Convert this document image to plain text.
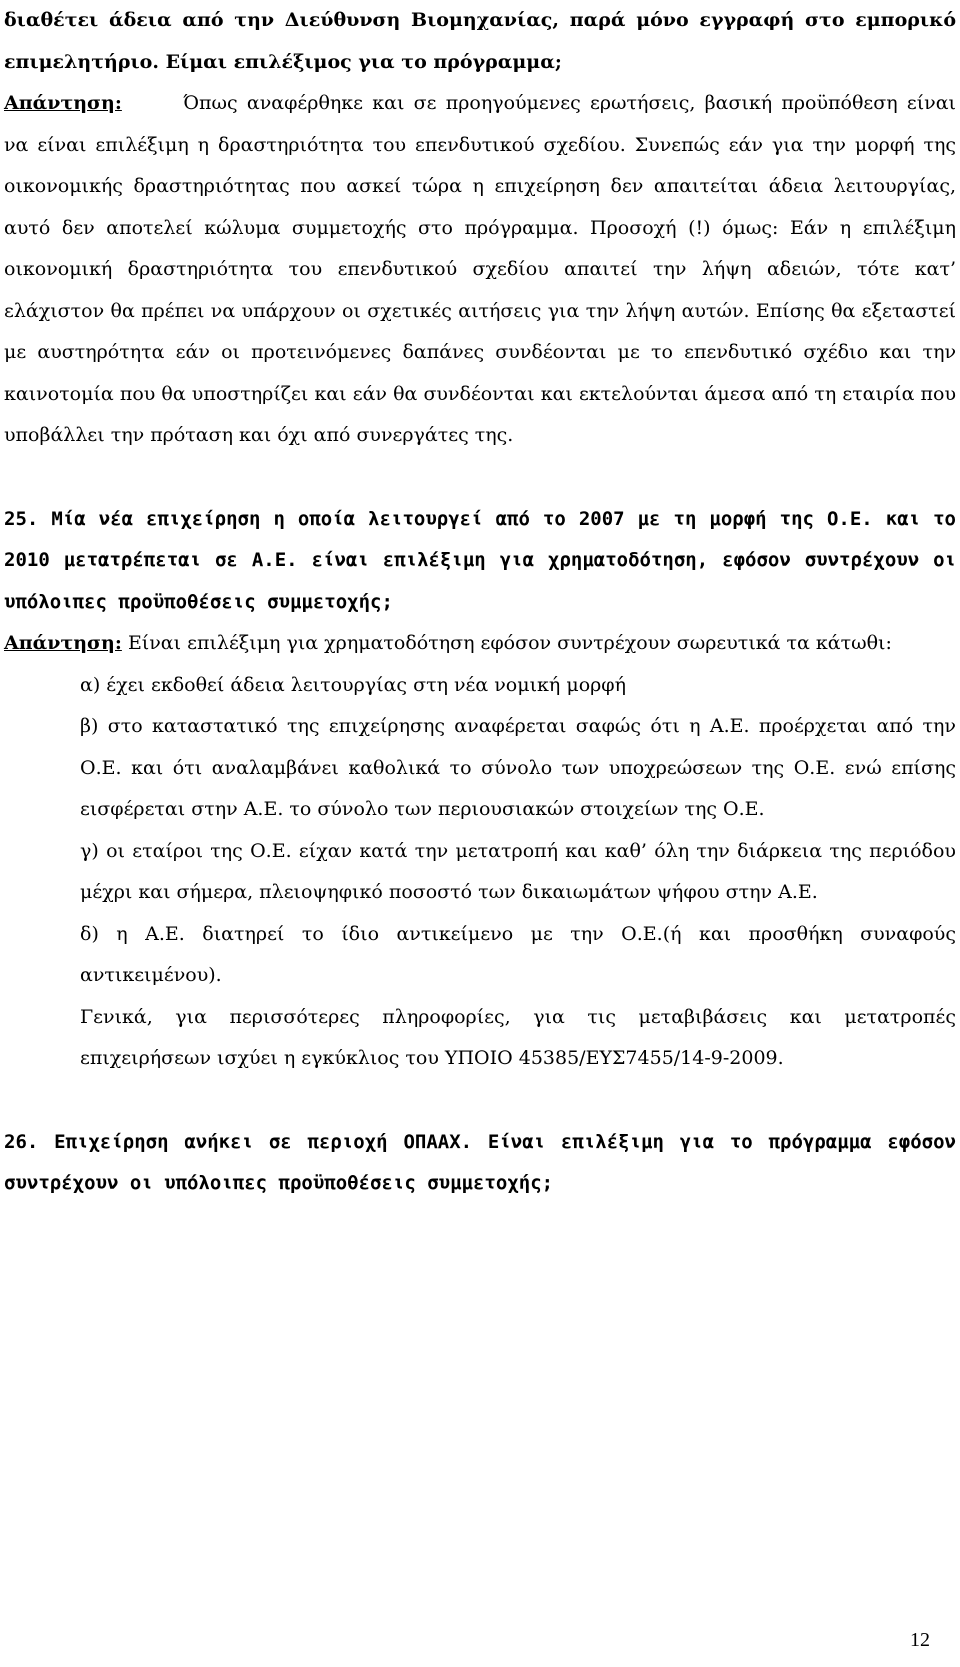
διαθέτει άδεια από την Διεύθυνση Βιομηχανίας, παρά μόνο εγγραφή στο εμπορικό επιμελητήριο. Είμαι επιλέξιμος για το πρόγραμμα;
Απάντηση:	Όπως αναφέρθηκε και σε προηγούμενες ερωτήσεις, βασική προϋπόθεση είναι να είναι επιλέξιμη η δραστηριότητα του επενδυτικού σχεδίου. Συνεπώς εάν για την μορφή της οικονομικής δραστηριότητας που ασκεί τώρα η επιχείρηση δεν απαιτείται άδεια λειτουργίας, αυτό δεν αποτελεί κώλυμα συμμετοχής στο πρόγραμμα. Προσοχή (!) όμως: Εάν η επιλέξιμη οικονομική δραστηριότητα του επενδυτικού σχεδίου απαιτεί την λήψη αδειών, τότε κατ’ ελάχιστον θα πρέπει να υπάρχουν οι σχετικές αιτήσεις για την λήψη αυτών. Επίσης θα εξεταστεί με αυστηρότητα εάν οι προτεινόμενες δαπάνες συνδέονται με το επενδυτικό σχέδιο και την καινοτομία που θα υποστηρίζει και εάν θα συνδέονται και εκτελούνται άμεσα από τη εταιρία που υποβάλλει την πρόταση και όχι από συνεργάτες της.

25. Μία νέα επιχείρηση η οποία λειτουργεί από το 2007 με τη μορφή της Ο.Ε. και το 2010 μετατρέπεται σε Α.Ε. είναι επιλέξιμη για χρηματοδότηση, εφόσον συντρέχουν οι υπόλοιπες προϋποθέσεις συμμετοχής;

Απάντηση: Είναι επιλέξιμη για χρηματοδότηση εφόσον συντρέχουν σωρευτικά τα κάτωθι:

α) έχει εκδοθεί άδεια λειτουργίας στη νέα νομική μορφή

β) στο καταστατικό της επιχείρησης αναφέρεται σαφώς ότι η Α.Ε. προέρχεται από την Ο.Ε. και ότι αναλαμβάνει καθολικά το σύνολο των υποχρεώσεων της Ο.Ε. ενώ επίσης εισφέρεται στην Α.Ε. το σύνολο των περιουσιακών στοιχείων της Ο.Ε.

γ) οι εταίροι της Ο.Ε. είχαν κατά την μετατροπή και καθ’ όλη την διάρκεια της περιόδου μέχρι και σήμερα, πλειοψηφικό ποσοστό των δικαιωμάτων ψήφου στην Α.Ε.

δ) η Α.Ε. διατηρεί το ίδιο αντικείμενο με την Ο.Ε.(ή και προσθήκη συναφούς αντικειμένου).

Γενικά, για περισσότερες πληροφορίες, για τις μεταβιβάσεις και μετατροπές επιχειρήσεων ισχύει η εγκύκλιος του ΥΠΟΙΟ 45385/ΕΥΣ7455/14-9-2009.

26. Επιχείρηση ανήκει σε περιοχή ΟΠΑΑΧ. Είναι επιλέξιμη για το πρόγραμμα εφόσον συντρέχουν οι υπόλοιπες προϋποθέσεις συμμετοχής;

12
